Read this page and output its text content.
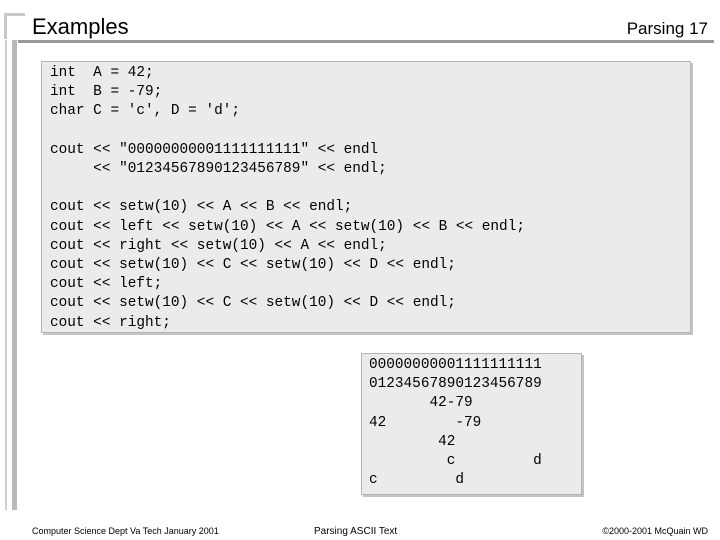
Examples	Parsing 17
int  A = 42;
int  B = -79;
char C = 'c', D = 'd';

cout << "00000000001111111111" << endl
<< "01234567890123456789" << endl;

cout << setw(10) << A << B << endl;
cout << left << setw(10) << A << setw(10) << B << endl;
cout << right << setw(10) << A << endl;
cout << setw(10) << C << setw(10) << D << endl;
cout << left;
cout << setw(10) << C << setw(10) << D << endl;
cout << right;
00000000001111111111
01234567890123456789
42-79
42        -79
42
c         d
c         d
Computer Science Dept Va Tech January 2001	Parsing ASCII Text	©2000-2001 McQuain WD
